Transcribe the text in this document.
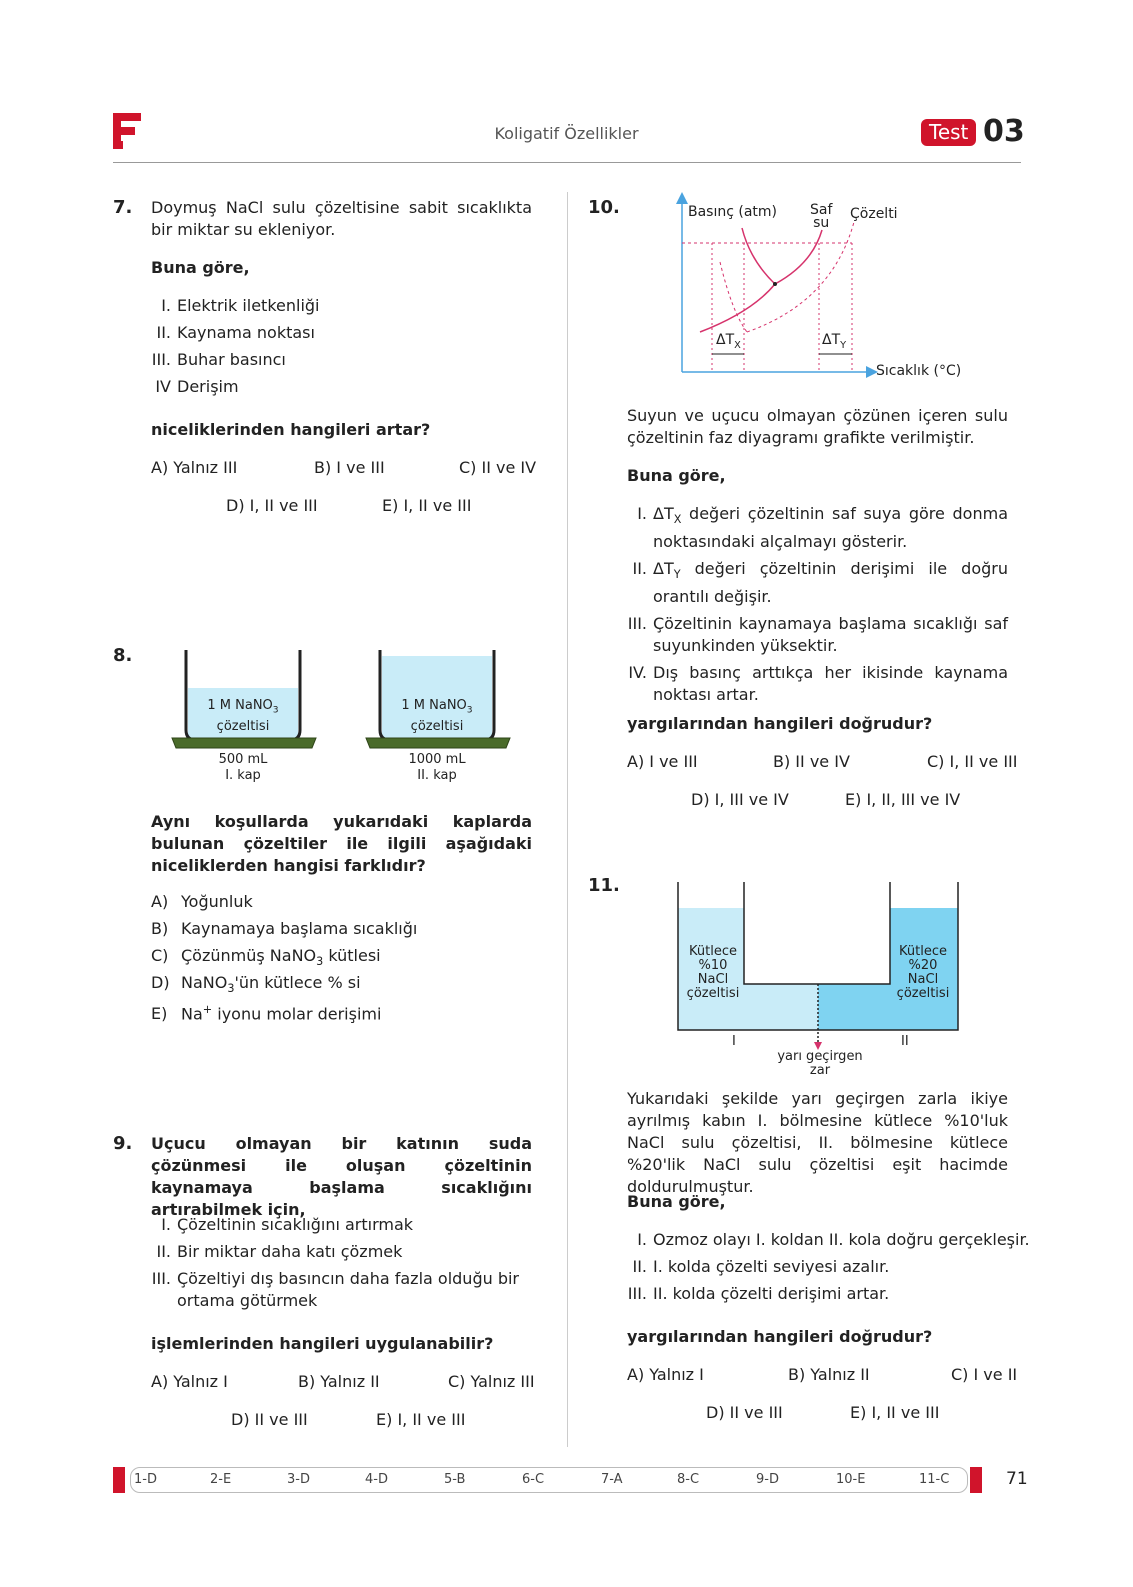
Koligatif Özellikler	Test 03
7. Doymuş NaCl sulu çözeltisine sabit sıcaklıkta bir miktar su ekleniyor.
Buna göre,
I. Elektrik iletkenliği
II. Kaynama noktası
III. Buhar basıncı
IV Derişim
niceliklerinden hangileri artar?
A) Yalnız III	B) I ve III	C) II ve IV
D) I, II ve III	E) I, II ve III
8.
1 M NaNO$_3$
çözeltisi
1 M NaNO$_3$
çözeltisi
500 mL
I. kap
1000 mL
II. kap
Aynı koşullarda yukarıdaki kaplarda bulunan çözeltiler ile ilgili aşağıdaki niceliklerden hangisi farklıdır?
A) Yoğunluk
B) Kaynamaya başlama sıcaklığı
C) Çözünmüş NaNO$_3$ kütlesi
D) NaNO$_3$'ün kütlece % si
E) Na+ iyonu molar derişimi
9. Uçucu olmayan bir katının suda çözünmesi ile oluşan çözeltinin kaynamaya başlama sıcaklığını artırabilmek için,
I. Çözeltinin sıcaklığını artırmak
II. Bir miktar daha katı çözmek
III. Çözeltiyi dış basıncın daha fazla olduğu bir ortama götürmek
işlemlerinden hangileri uygulanabilir?
A) Yalnız I	B) Yalnız II	C) Yalnız III
D) II ve III	E) I, II ve III
10.	Basınç (atm) Saf
su
Çözelti
$\Delta T_X$	$\Delta T_Y$
Sıcaklık (°C)
Suyun ve uçucu olmayan çözünen içeren sulu çözeltinin faz diyagramı grafikte verilmiştir.
Buna göre,
I. $\Delta T_X$ değeri çözeltinin saf suya göre donma noktasındaki alçalmayı gösterir.
II. $\Delta T_Y$ değeri çözeltinin derişimi ile doğru orantılı değişir.
III. Çözeltinin kaynamaya başlama sıcaklığı saf suyunkinden yüksektir.
IV. Dış basınç arttıkça her ikisinde kaynama noktası artar.
yargılarından hangileri doğrudur?
A) I ve III	B) II ve IV	C) I, II ve III
D) I, III ve IV	E) I, II, III ve IV
11.
Kütlece
%10
NaCl
çözeltisi
Kütlece
%20
NaCl
çözeltisi
I	II
yarı geçirgen
zar
Yukarıdaki şekilde yarı geçirgen zarla ikiye ayrılmış kabın I. bölmesine kütlece %10'luk NaCl sulu çözeltisi, II. bölmesine kütlece %20'lik NaCl sulu çözeltisi eşit hacimde doldurulmuştur.
Buna göre,
I. Ozmoz olayı I. koldan II. kola doğru gerçekleşir.
II. I. kolda çözelti seviyesi azalır.
III. II. kolda çözelti derişimi artar.
yargılarından hangileri doğrudur?
A) Yalnız I	B) Yalnız II	C) I ve II
D) II ve III	E) I, II ve III
1-D	2-E	3-D	4-D	5-B	6-C	7-A	8-C	9-D	10-E	11-C	71
